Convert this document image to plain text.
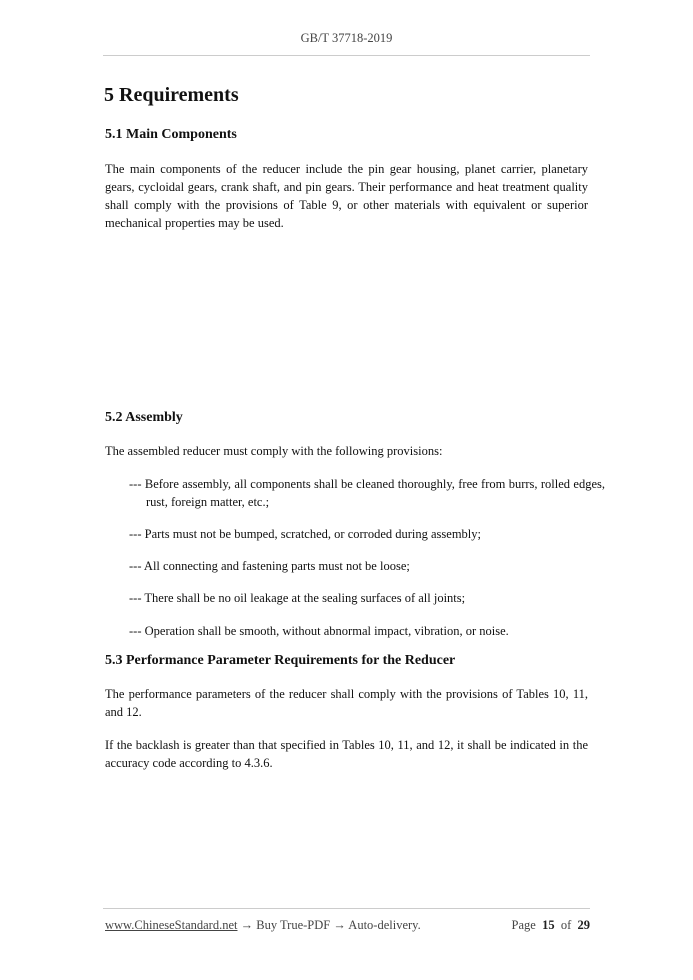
GB/T 37718-2019
5 Requirements
5.1 Main Components
The main components of the reducer include the pin gear housing, planet carrier, planetary gears, cycloidal gears, crank shaft, and pin gears. Their performance and heat treatment quality shall comply with the provisions of Table 9, or other materials with equivalent or superior mechanical properties may be used.
5.2 Assembly
The assembled reducer must comply with the following provisions:
--- Before assembly, all components shall be cleaned thoroughly, free from burrs, rolled edges, rust, foreign matter, etc.;
--- Parts must not be bumped, scratched, or corroded during assembly;
--- All connecting and fastening parts must not be loose;
--- There shall be no oil leakage at the sealing surfaces of all joints;
--- Operation shall be smooth, without abnormal impact, vibration, or noise.
5.3 Performance Parameter Requirements for the Reducer
The performance parameters of the reducer shall comply with the provisions of Tables 10, 11, and 12.
If the backlash is greater than that specified in Tables 10, 11, and 12, it shall be indicated in the accuracy code according to 4.3.6.
www.ChineseStandard.net → Buy True-PDF → Auto-delivery.	Page 15 of 29
